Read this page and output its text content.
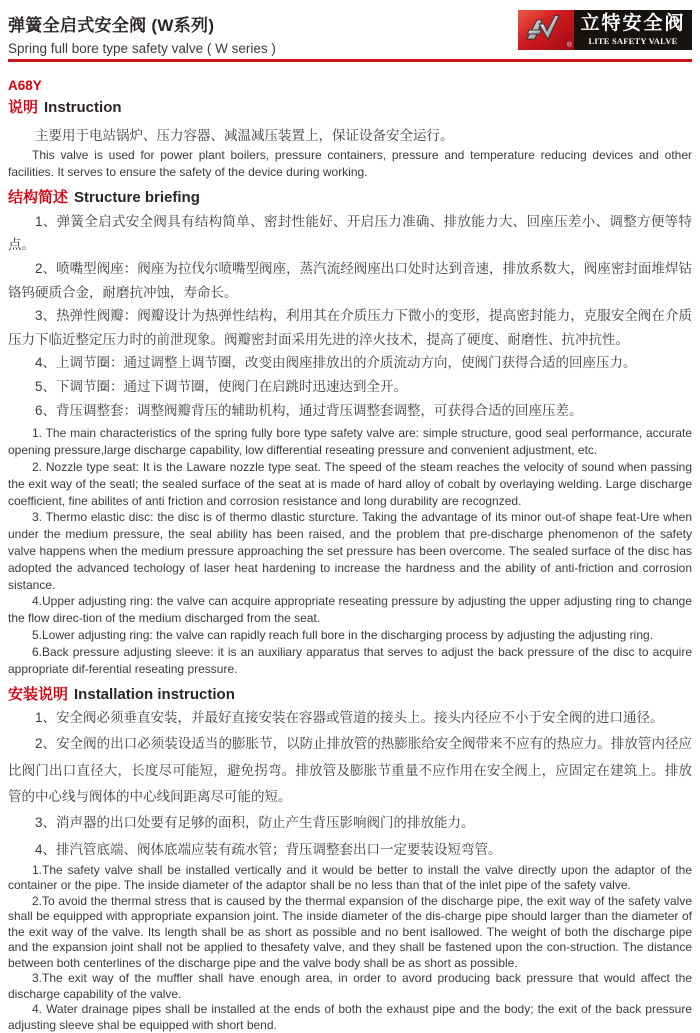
弹簧全启式安全阀 (W系列)
Spring full bore type safety valve ( W series )	®
立特安全阀
LITE SAFETY VALVE
A68Y
说明 Instruction

主要用于电站锅炉、压力容器、减温减压装置上，保证设备安全运行。

This valve is used for power plant boilers, pressure containers, pressure and temperature reducing devices and other facilities. It serves to ensure the safety of the device during working.

结构简述 Structure briefing

1、弹簧全启式安全阀具有结构简单、密封性能好、开启压力准确、排放能力大、回座压差小、调整方便等特点。

2、喷嘴型阀座：阀座为拉伐尔喷嘴型阀座，蒸汽流经阀座出口处时达到音速，排放系数大，阀座密封面堆焊钴铬钨硬质合金，耐磨抗冲蚀，寿命长。

3、热弹性阀瓣：阀瓣设计为热弹性结构，利用其在介质压力下微小的变形，提高密封能力，克服安全阀在介质压力下临近整定压力时的前泄现象。阀瓣密封面采用先进的淬火技术，提高了硬度、耐磨性、抗冲抗性。

4、上调节圈：通过调整上调节圈，改变由阀座排放出的介质流动方向，使阀门获得合适的回座压力。

5、下调节圈：通过下调节圈，使阀门在启跳时迅速达到全开。

6、背压调整套：调整阀瓣背压的辅助机构，通过背压调整套调整，可获得合适的回座压差。

1. The main characteristics of the spring fully bore type safety valve are: simple structure, good seal performance, accurate opening pressure,large discharge capability, low differential reseating pressure and convenient adjustment, etc.

2. Nozzle type seat: It is the Laware nozzle type seat. The speed of the steam reaches the velocity of sound when passing the exit way of the seatl; the sealed surface of the seat at is made of hard alloy of cobalt by overlaying welding. Large discharge coefficient, fine abilites of anti friction and corrosion resistance and long durability are recognzed.

3. Thermo elastic disc: the disc is of thermo dlastic sturcture. Taking the advantage of its minor out-of shape feat-Ure when under the medium pressure, the seal ability has been raised, and the problem that pre-discharge phenomenon of the safety valve happens when the medium pressure approaching the set pressure has been overcome. The sealed surface of the disc has adopted the advanced techology of laser heat hardening to increase the hardness and the ability of anti-friction and corrosion sistance.

4.Upper adjusting ring: the valve can acquire appropriate reseating pressure by adjusting the upper adjusting ring to change the flow direc-tion of the medium discharged from the seat.

5.Lower adjusting ring: the valve can rapidly reach full bore in the discharging process by adjusting the adjusting ring.

6.Back pressure adjusting sleeve: it is an auxiliary apparatus that serves to adjust the back pressure of the disc to acquire appropriate dif-ferential reseating pressure.

安装说明 Installation instruction

1、安全阀必须垂直安装，并最好直接安装在容器或管道的接头上。接头内径应不小于安全阀的进口通径。

2、安全阀的出口必须装设适当的膨胀节，以防止排放管的热膨胀给安全阀带来不应有的热应力。排放管内径应比阀门出口直径大，长度尽可能短，避免拐弯。排放管及膨胀节重量不应作用在安全阀上，应固定在建筑上。排放管的中心线与阀体的中心线间距离尽可能的短。

3、消声器的出口处要有足够的面积，防止产生背压影响阀门的排放能力。

4、排汽管底端、阀体底端应装有疏水管；背压调整套出口一定要装设短弯管。

1.The safety valve shall be installed vertically and it would be better to install the valve directly upon the adaptor of the container or the pipe. The inside diameter of the adaptor shall be no less than that of the inlet pipe of the safety valve.

2.To avoid the thermal stress that is caused by the thermal expansion of the discharge pipe, the exit way of the safety valve shall be equipped with appropriate expansion joint. The inside diameter of the dis-charge pipe should larger than the diameter of the exit way of the valve. Its length shall be as short as possible and no bent isallowed. The weight of both the discharge pipe and the expansion joint shall not be applied to thesafety valve, and they shall be fastened upon the con-struction. The distance between both centerlines of the discharge pipe and the valve body shall be as short as possible.

3.The exit way of the muffler shall have enough area, in order to avord producing back pressure that would affect the discharge capability of the valve.

4. Water drainage pipes shall be installed at the ends of both the exhaust pipe and the body; the exit of the back pressure adjusting sleeve shal be equipped with short bend.
